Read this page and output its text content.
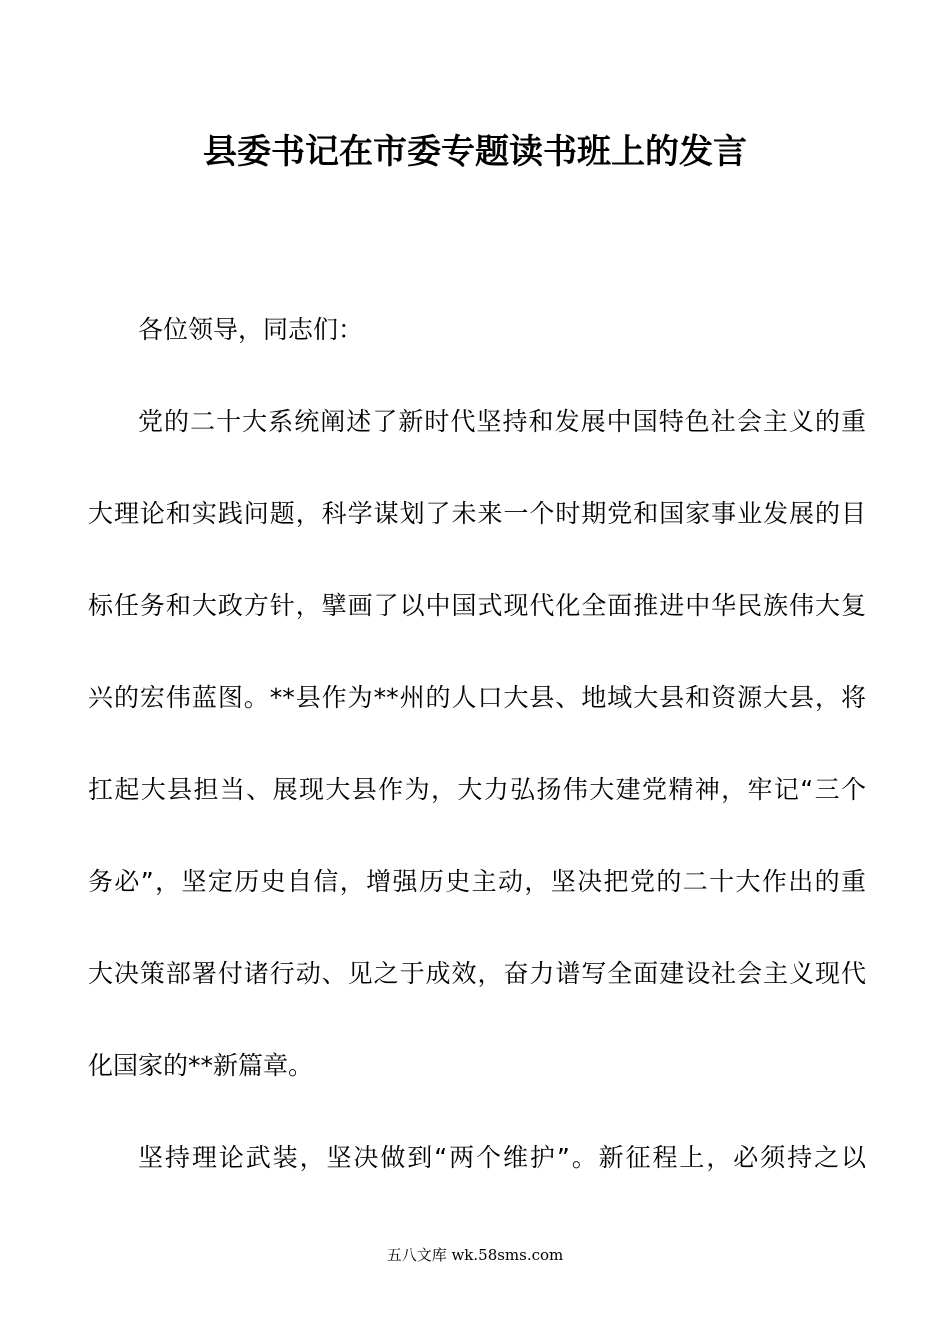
县委书记在市委专题读书班上的发言

各位领导，同志们：

党的二十大系统阐述了新时代坚持和发展中国特色社会主义的重
大理论和实践问题，科学谋划了未来一个时期党和国家事业发展的目
标任务和大政方针，擘画了以中国式现代化全面推进中华民族伟大复
兴的宏伟蓝图。**县作为**州的人口大县、地域大县和资源大县，将
扛起大县担当、展现大县作为，大力弘扬伟大建党精神，牢记“三个
务必”，坚定历史自信，增强历史主动，坚决把党的二十大作出的重
大决策部署付诸行动、见之于成效，奋力谱写全面建设社会主义现代
化国家的**新篇章。

坚持理论武装，坚决做到“两个维护”。新征程上，必须持之以

五八文库 wk.58sms.com
